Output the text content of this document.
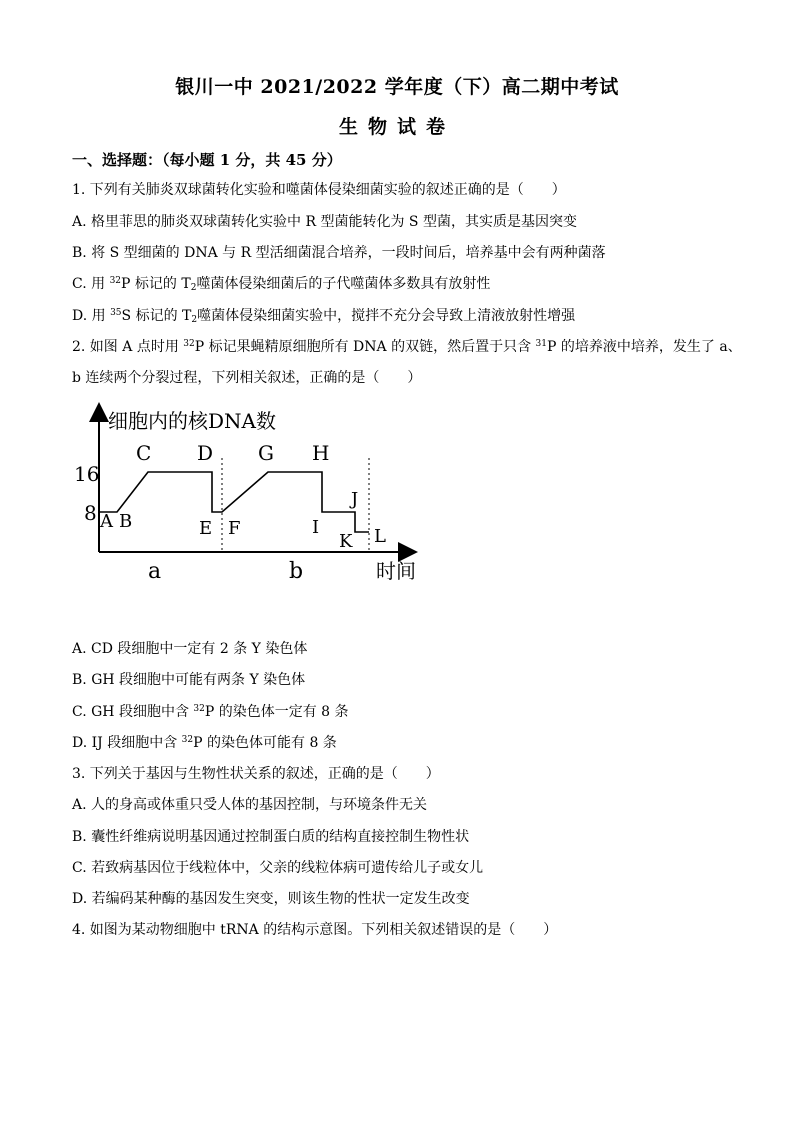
银川一中 2021/2022 学年度（下）高二期中考试
生物试卷
一、选择题：（每小题 1 分，共 45 分）
1. 下列有关肺炎双球菌转化实验和噬菌体侵染细菌实验的叙述正确的是（　　）
A. 格里菲思的肺炎双球菌转化实验中 R 型菌能转化为 S 型菌，其实质是基因突变
B. 将 S 型细菌的 DNA 与 R 型活细菌混合培养，一段时间后，培养基中会有两种菌落
C. 用 $^{32}$P 标记的 $T_2$噬菌体侵染细菌后的子代噬菌体多数具有放射性
D. 用 $^{35}$S 标记的 $T_2$噬菌体侵染细菌实验中，搅拌不充分会导致上清液放射性增强
2. 如图 A 点时用 $^{32}$P 标记果蝇精原细胞所有 DNA 的双链，然后置于只含 $^{31}$P 的培养液中培养，发生了 a、
b 连续两个分裂过程，下列相关叙述，正确的是（　　）
细胞内的核DNA数
16
8 A B
C D
E F
G H
I
J
K L
a	b	时间
A. CD 段细胞中一定有 2 条 Y 染色体
B. GH 段细胞中可能有两条 Y 染色体
C. GH 段细胞中含 $^{32}$P 的染色体一定有 8 条
D. IJ 段细胞中含 $^{32}$P 的染色体可能有 8 条
3. 下列关于基因与生物性状关系的叙述，正确的是（　　）
A. 人的身高或体重只受人体的基因控制，与环境条件无关
B. 囊性纤维病说明基因通过控制蛋白质的结构直接控制生物性状
C. 若致病基因位于线粒体中，父亲的线粒体病可遗传给儿子或女儿
D. 若编码某种酶的基因发生突变，则该生物的性状一定发生改变
4. 如图为某动物细胞中 tRNA 的结构示意图。下列相关叙述错误的是（　　）
